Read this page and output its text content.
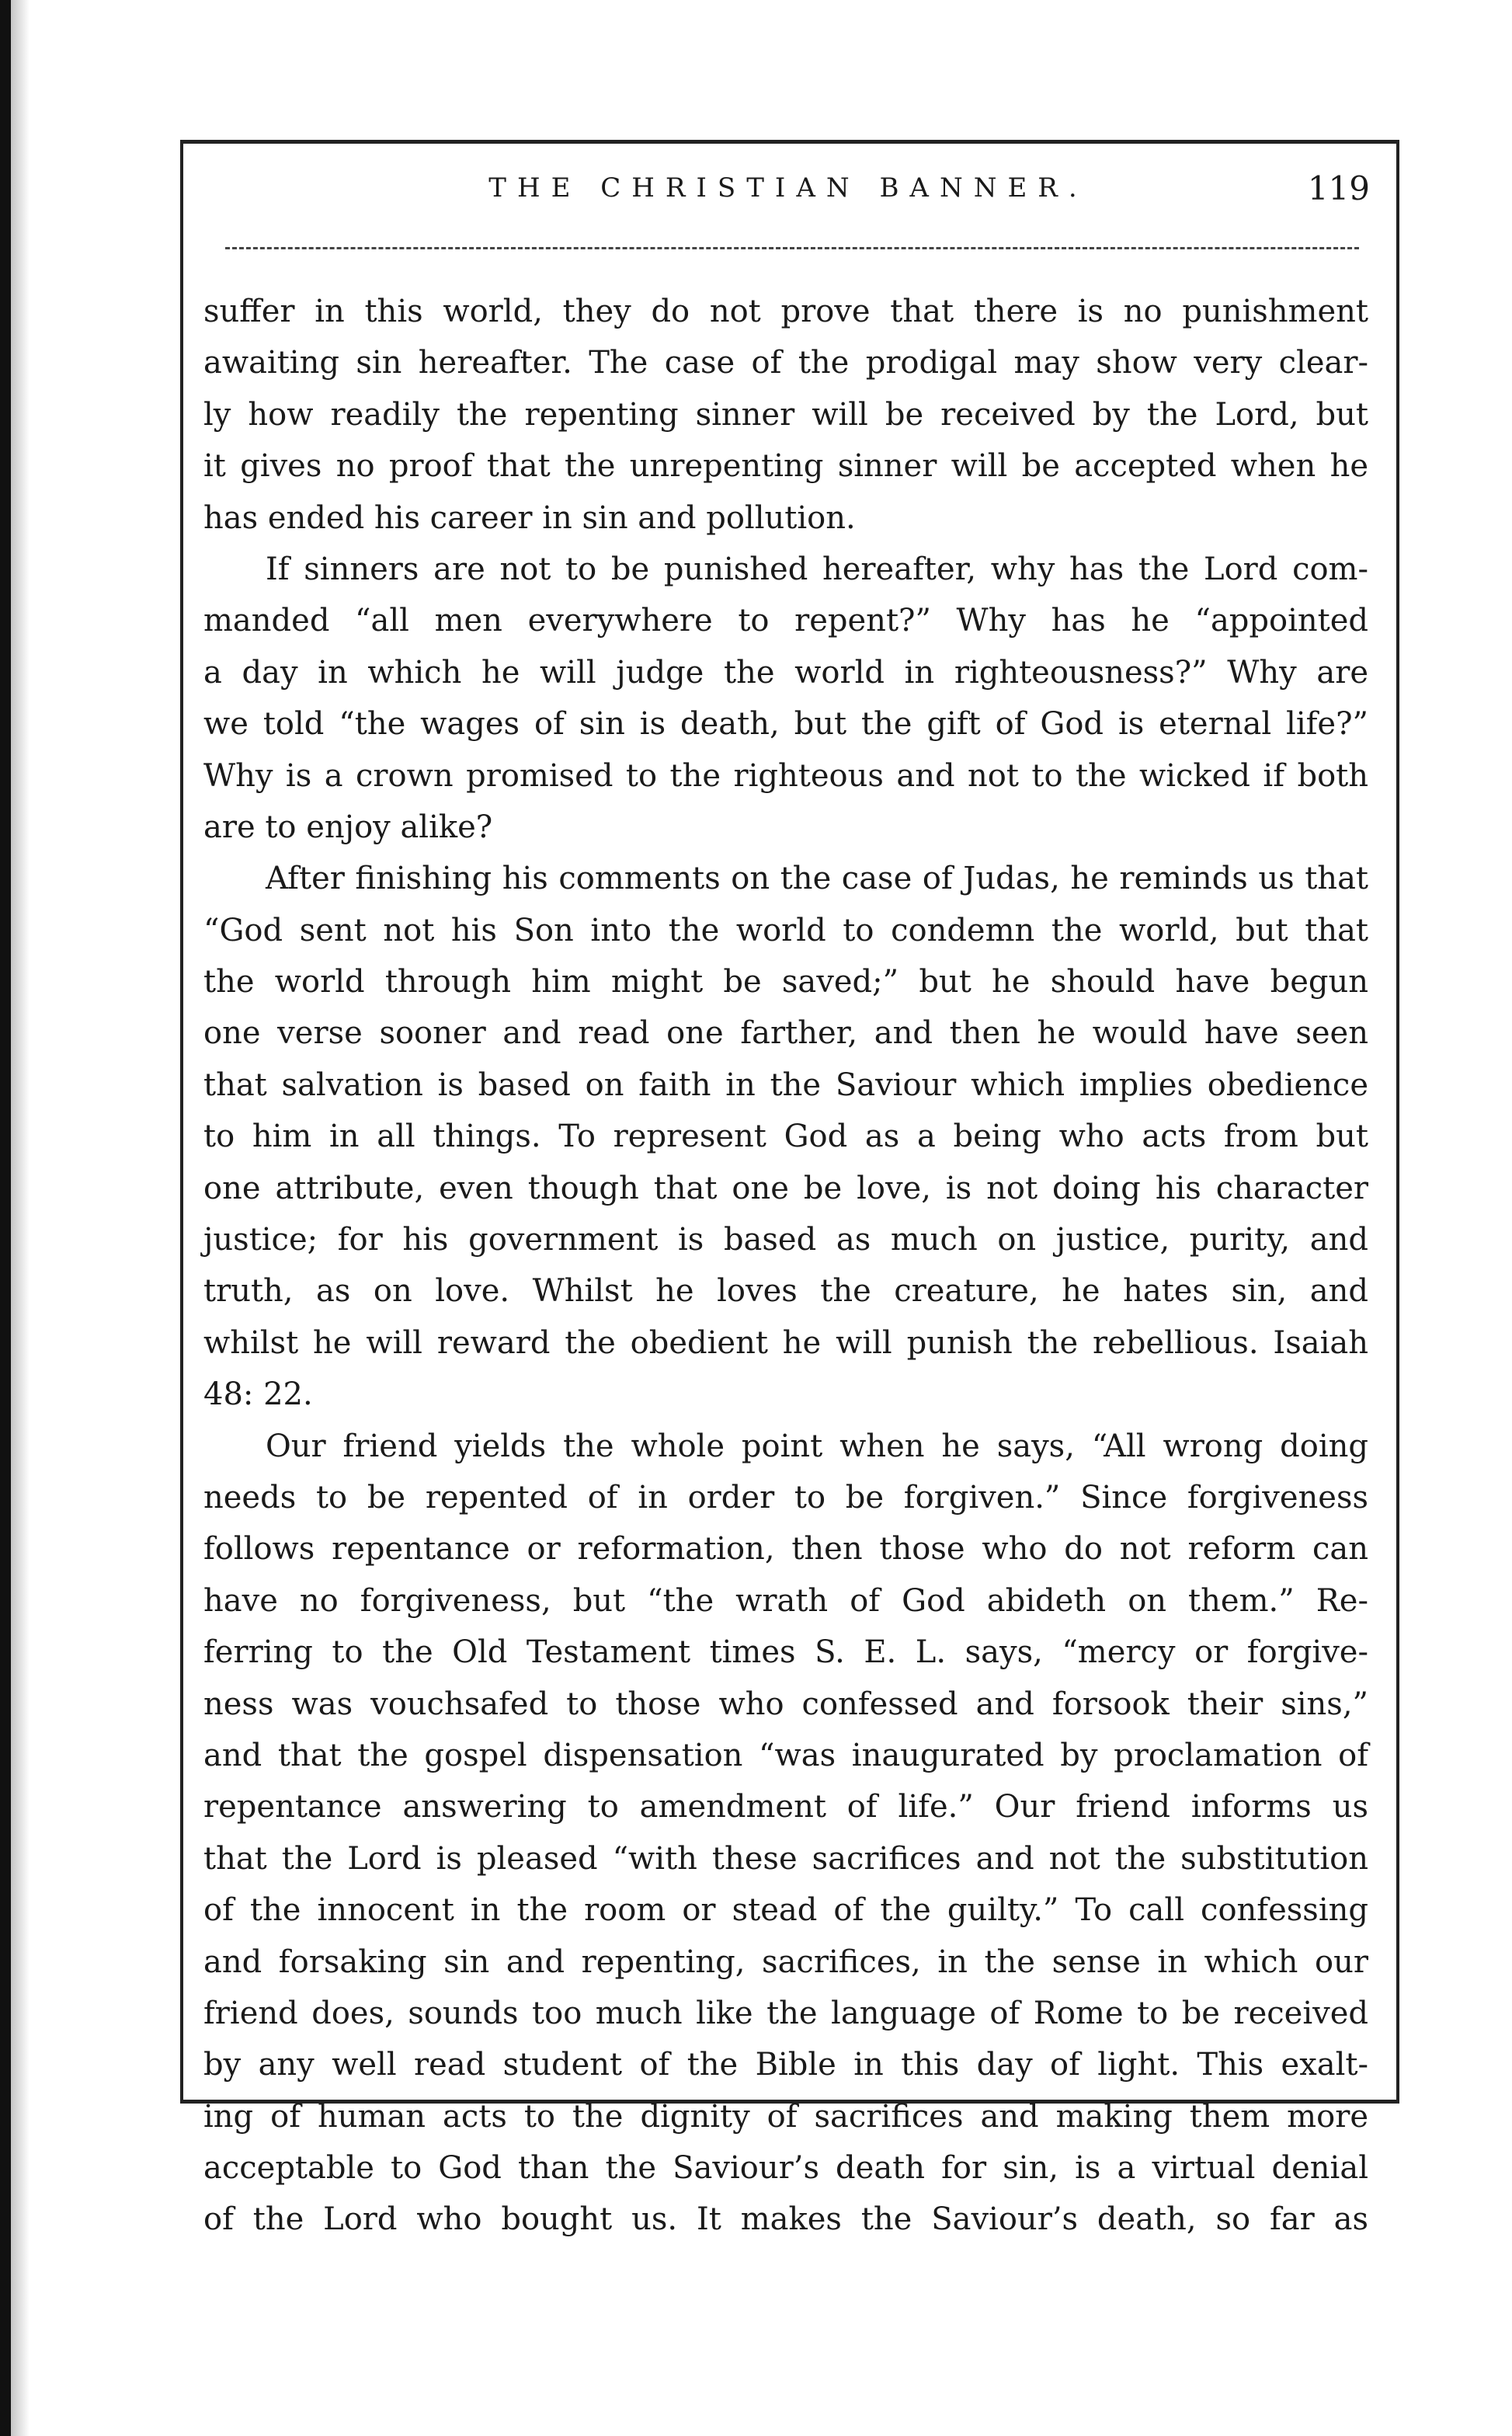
THE CHRISTIAN BANNER.	119
suffer in this world, they do not prove that there is no punishment
awaiting sin hereafter. The case of the prodigal may show very clear-
ly how readily the repenting sinner will be received by the Lord, but
it gives no proof that the unrepenting sinner will be accepted when he
has ended his career in sin and pollution.
If sinners are not to be punished hereafter, why has the Lord com-
manded “all men everywhere to repent?” Why has he “appointed
a day in which he will judge the world in righteousness?” Why are
we told “the wages of sin is death, but the gift of God is eternal life?”
Why is a crown promised to the righteous and not to the wicked if both
are to enjoy alike?
After finishing his comments on the case of Judas, he reminds us that
“God sent not his Son into the world to condemn the world, but that
the world through him might be saved;” but he should have begun
one verse sooner and read one farther, and then he would have seen
that salvation is based on faith in the Saviour which implies obedience
to him in all things. To represent God as a being who acts from but
one attribute, even though that one be love, is not doing his character
justice; for his government is based as much on justice, purity, and
truth, as on love. Whilst he loves the creature, he hates sin, and
whilst he will reward the obedient he will punish the rebellious. Isaiah
48: 22.
Our friend yields the whole point when he says, “All wrong doing
needs to be repented of in order to be forgiven.” Since forgiveness
follows repentance or reformation, then those who do not reform can
have no forgiveness, but “the wrath of God abideth on them.” Re-
ferring to the Old Testament times S. E. L. says, “mercy or forgive-
ness was vouchsafed to those who confessed and forsook their sins,”
and that the gospel dispensation “was inaugurated by proclamation of
repentance answering to amendment of life.” Our friend informs us
that the Lord is pleased “with these sacrifices and not the substitution
of the innocent in the room or stead of the guilty.” To call confessing
and forsaking sin and repenting, sacrifices, in the sense in which our
friend does, sounds too much like the language of Rome to be received
by any well read student of the Bible in this day of light. This exalt-
ing of human acts to the dignity of sacrifices and making them more
acceptable to God than the Saviour’s death for sin, is a virtual denial
of the Lord who bought us. It makes the Saviour’s death, so far as
